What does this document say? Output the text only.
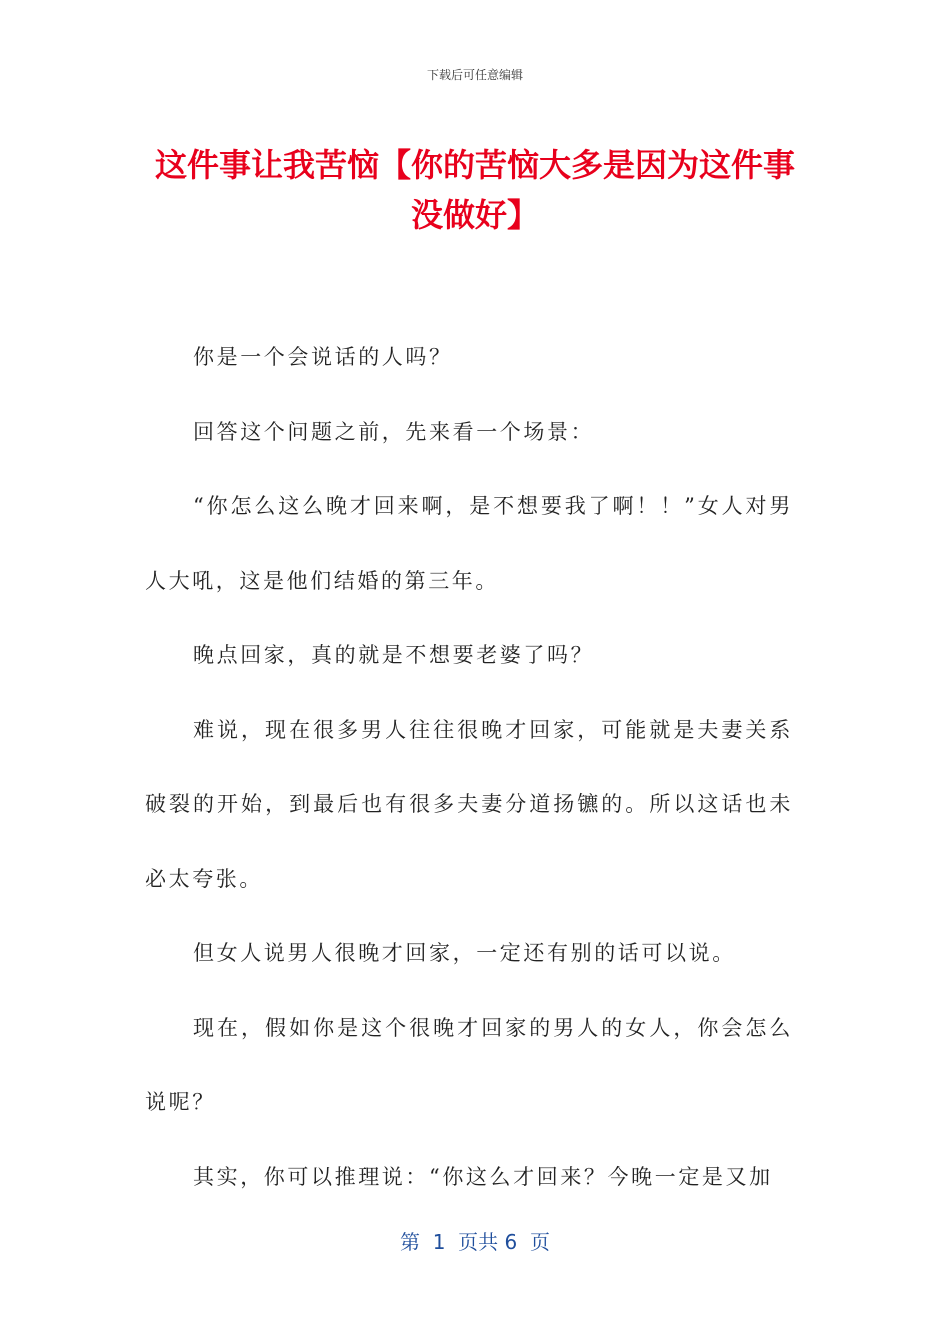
下载后可任意编辑
这件事让我苦恼【你的苦恼大多是因为这件事没做好】

你是一个会说话的人吗？

回答这个问题之前，先来看一个场景：

“你怎么这么晚才回来啊，是不想要我了啊！！”女人对男人大吼，这是他们结婚的第三年。

晚点回家，真的就是不想要老婆了吗？

难说，现在很多男人往往很晚才回家，可能就是夫妻关系破裂的开始，到最后也有很多夫妻分道扬镳的。所以这话也未必太夸张。

但女人说男人很晚才回家，一定还有别的话可以说。

现在，假如你是这个很晚才回家的男人的女人，你会怎么说呢？

其实，你可以推理说：“你这么才回来？今晚一定是又加

第  1  页共 6  页
